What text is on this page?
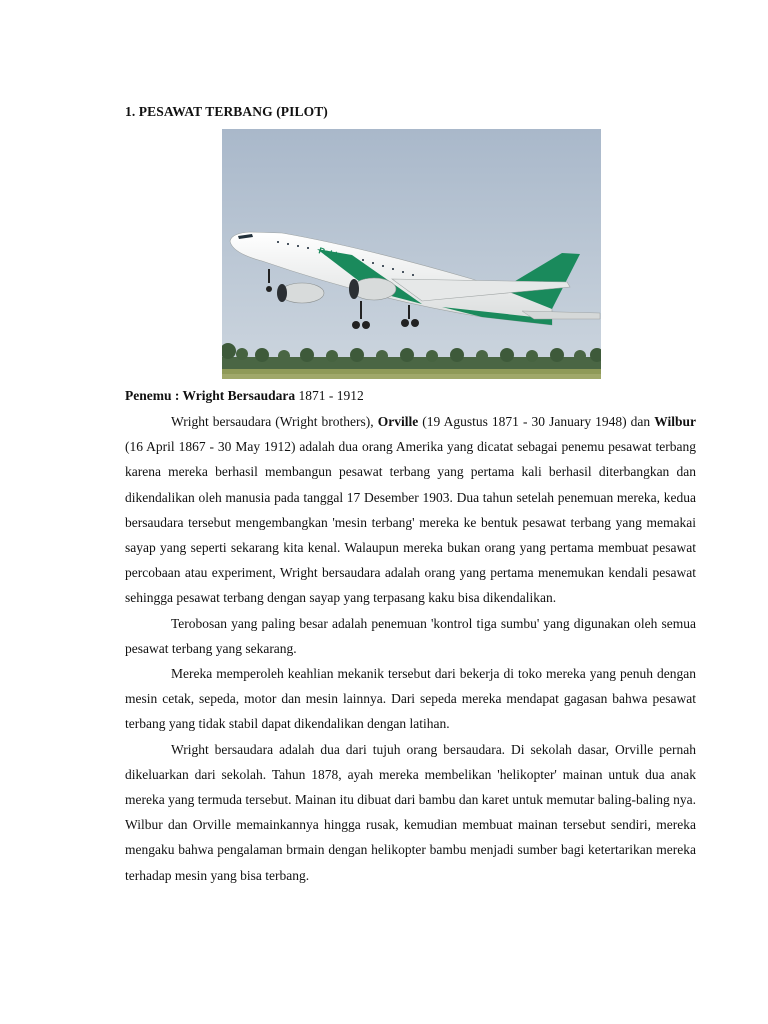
1. PESAWAT TERBANG (PILOT)
Pakistan
Penemu : Wright Bersaudara 1871 - 1912

Wright bersaudara (Wright brothers), Orville (19 Agustus 1871 - 30 January 1948) dan Wilbur (16 April 1867 - 30 May 1912) adalah dua orang Amerika yang dicatat sebagai penemu pesawat terbang karena mereka berhasil membangun pesawat terbang yang pertama kali berhasil diterbangkan dan dikendalikan oleh manusia pada tanggal 17 Desember 1903. Dua tahun setelah penemuan mereka, kedua bersaudara tersebut mengembangkan 'mesin terbang' mereka ke bentuk pesawat terbang yang memakai sayap yang seperti sekarang kita kenal. Walaupun mereka bukan orang yang pertama membuat pesawat percobaan atau experiment, Wright bersaudara adalah orang yang pertama menemukan kendali pesawat sehingga pesawat terbang dengan sayap yang terpasang kaku bisa dikendalikan.

Terobosan yang paling besar adalah penemuan 'kontrol tiga sumbu' yang digunakan oleh semua pesawat terbang yang sekarang.

Mereka memperoleh keahlian mekanik tersebut dari bekerja di toko mereka yang penuh dengan mesin cetak, sepeda, motor dan mesin lainnya. Dari sepeda mereka mendapat gagasan bahwa pesawat terbang yang tidak stabil dapat dikendalikan dengan latihan.

Wright bersaudara adalah dua dari tujuh orang bersaudara. Di sekolah dasar, Orville pernah dikeluarkan dari sekolah. Tahun 1878, ayah mereka membelikan 'helikopter' mainan untuk dua anak mereka yang termuda tersebut. Mainan itu dibuat dari bambu dan karet untuk memutar baling-baling nya. Wilbur dan Orville memainkannya hingga rusak, kemudian membuat mainan tersebut sendiri, mereka mengaku bahwa pengalaman brmain dengan helikopter bambu menjadi sumber bagi ketertarikan mereka terhadap mesin yang bisa terbang.
